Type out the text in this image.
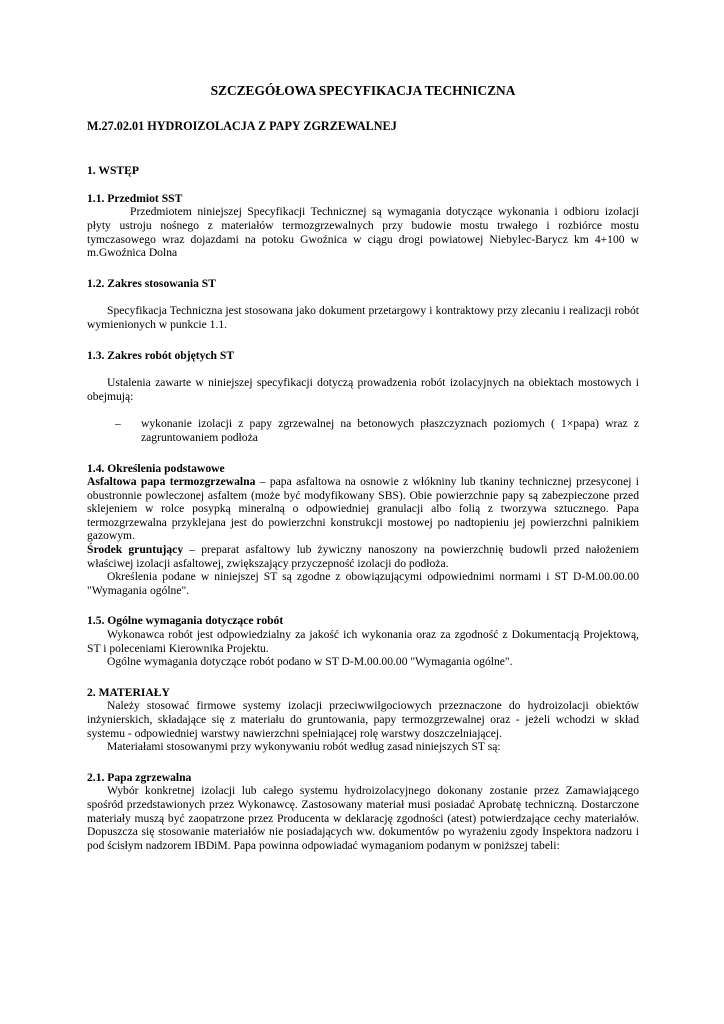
SZCZEGÓŁOWA SPECYFIKACJA TECHNICZNA
M.27.02.01 HYDROIZOLACJA Z PAPY ZGRZEWALNEJ
1. WSTĘP
1.1. Przedmiot SST
Przedmiotem niniejszej Specyfikacji Technicznej są wymagania dotyczące wykonania i odbioru izolacji płyty ustroju nośnego z materiałów termozgrzewalnych przy budowie mostu trwałego i rozbiórce mostu tymczasowego wraz dojazdami na potoku Gwoźnica w ciągu drogi powiatowej Niebylec-Barycz km 4+100 w m.Gwoźnica Dolna
1.2. Zakres stosowania ST
Specyfikacja Techniczna jest stosowana jako dokument przetargowy i kontraktowy przy zlecaniu i realizacji robót wymienionych w punkcie 1.1.
1.3. Zakres robót objętych ST
Ustalenia zawarte w niniejszej specyfikacji dotyczą prowadzenia robót izolacyjnych na obiektach mostowych i obejmują:
–	wykonanie izolacji z papy zgrzewalnej na betonowych płaszczyznach poziomych ( 1×papa) wraz z zagruntowaniem podłoża
1.4. Określenia podstawowe
Asfaltowa papa termozgrzewalna – papa asfaltowa na osnowie z włókniny lub tkaniny technicznej przesyconej i obustronnie powleczonej asfaltem (może być modyfikowany SBS). Obie powierzchnie papy są zabezpieczone przed sklejeniem w rolce posypką mineralną o odpowiedniej granulacji albo folią z tworzywa sztucznego. Papa termozgrzewalna przyklejana jest do powierzchni konstrukcji mostowej po nadtopieniu jej powierzchni palnikiem gazowym.
Środek gruntujący – preparat asfaltowy lub żywiczny nanoszony na powierzchnię budowli przed nałożeniem właściwej izolacji asfaltowej, zwiększający przyczepność izolacji do podłoża.
Określenia podane w niniejszej ST są zgodne z obowiązującymi odpowiednimi normami i ST D-M.00.00.00 "Wymagania ogólne".
1.5. Ogólne wymagania dotyczące robót
Wykonawca robót jest odpowiedzialny za jakość ich wykonania oraz za zgodność z Dokumentacją Projektową, ST i poleceniami Kierownika Projektu.
Ogólne wymagania dotyczące robót podano w ST D-M.00.00.00 "Wymagania ogólne".
2. MATERIAŁY
Należy stosować firmowe systemy izolacji przeciwwilgociowych przeznaczone do hydroizolacji obiektów inżynierskich, składające się z materiału do gruntowania, papy termozgrzewalnej oraz - jeżeli wchodzi w skład systemu - odpowiedniej warstwy nawierzchni spełniającej rolę warstwy doszczelniającej.
Materiałami stosowanymi przy wykonywaniu robót według zasad niniejszych ST są:
2.1. Papa zgrzewalna
Wybór konkretnej izolacji lub całego systemu hydroizolacyjnego dokonany zostanie przez Zamawiającego spośród przedstawionych przez Wykonawcę. Zastosowany materiał musi posiadać Aprobatę techniczną. Dostarczone materiały muszą być zaopatrzone przez Producenta w deklarację zgodności (atest) potwierdzające cechy materiałów. Dopuszcza się stosowanie materiałów nie posiadających ww. dokumentów po wyrażeniu zgody Inspektora nadzoru i pod ścisłym nadzorem IBDiM. Papa powinna odpowiadać wymaganiom podanym w poniższej tabeli:
